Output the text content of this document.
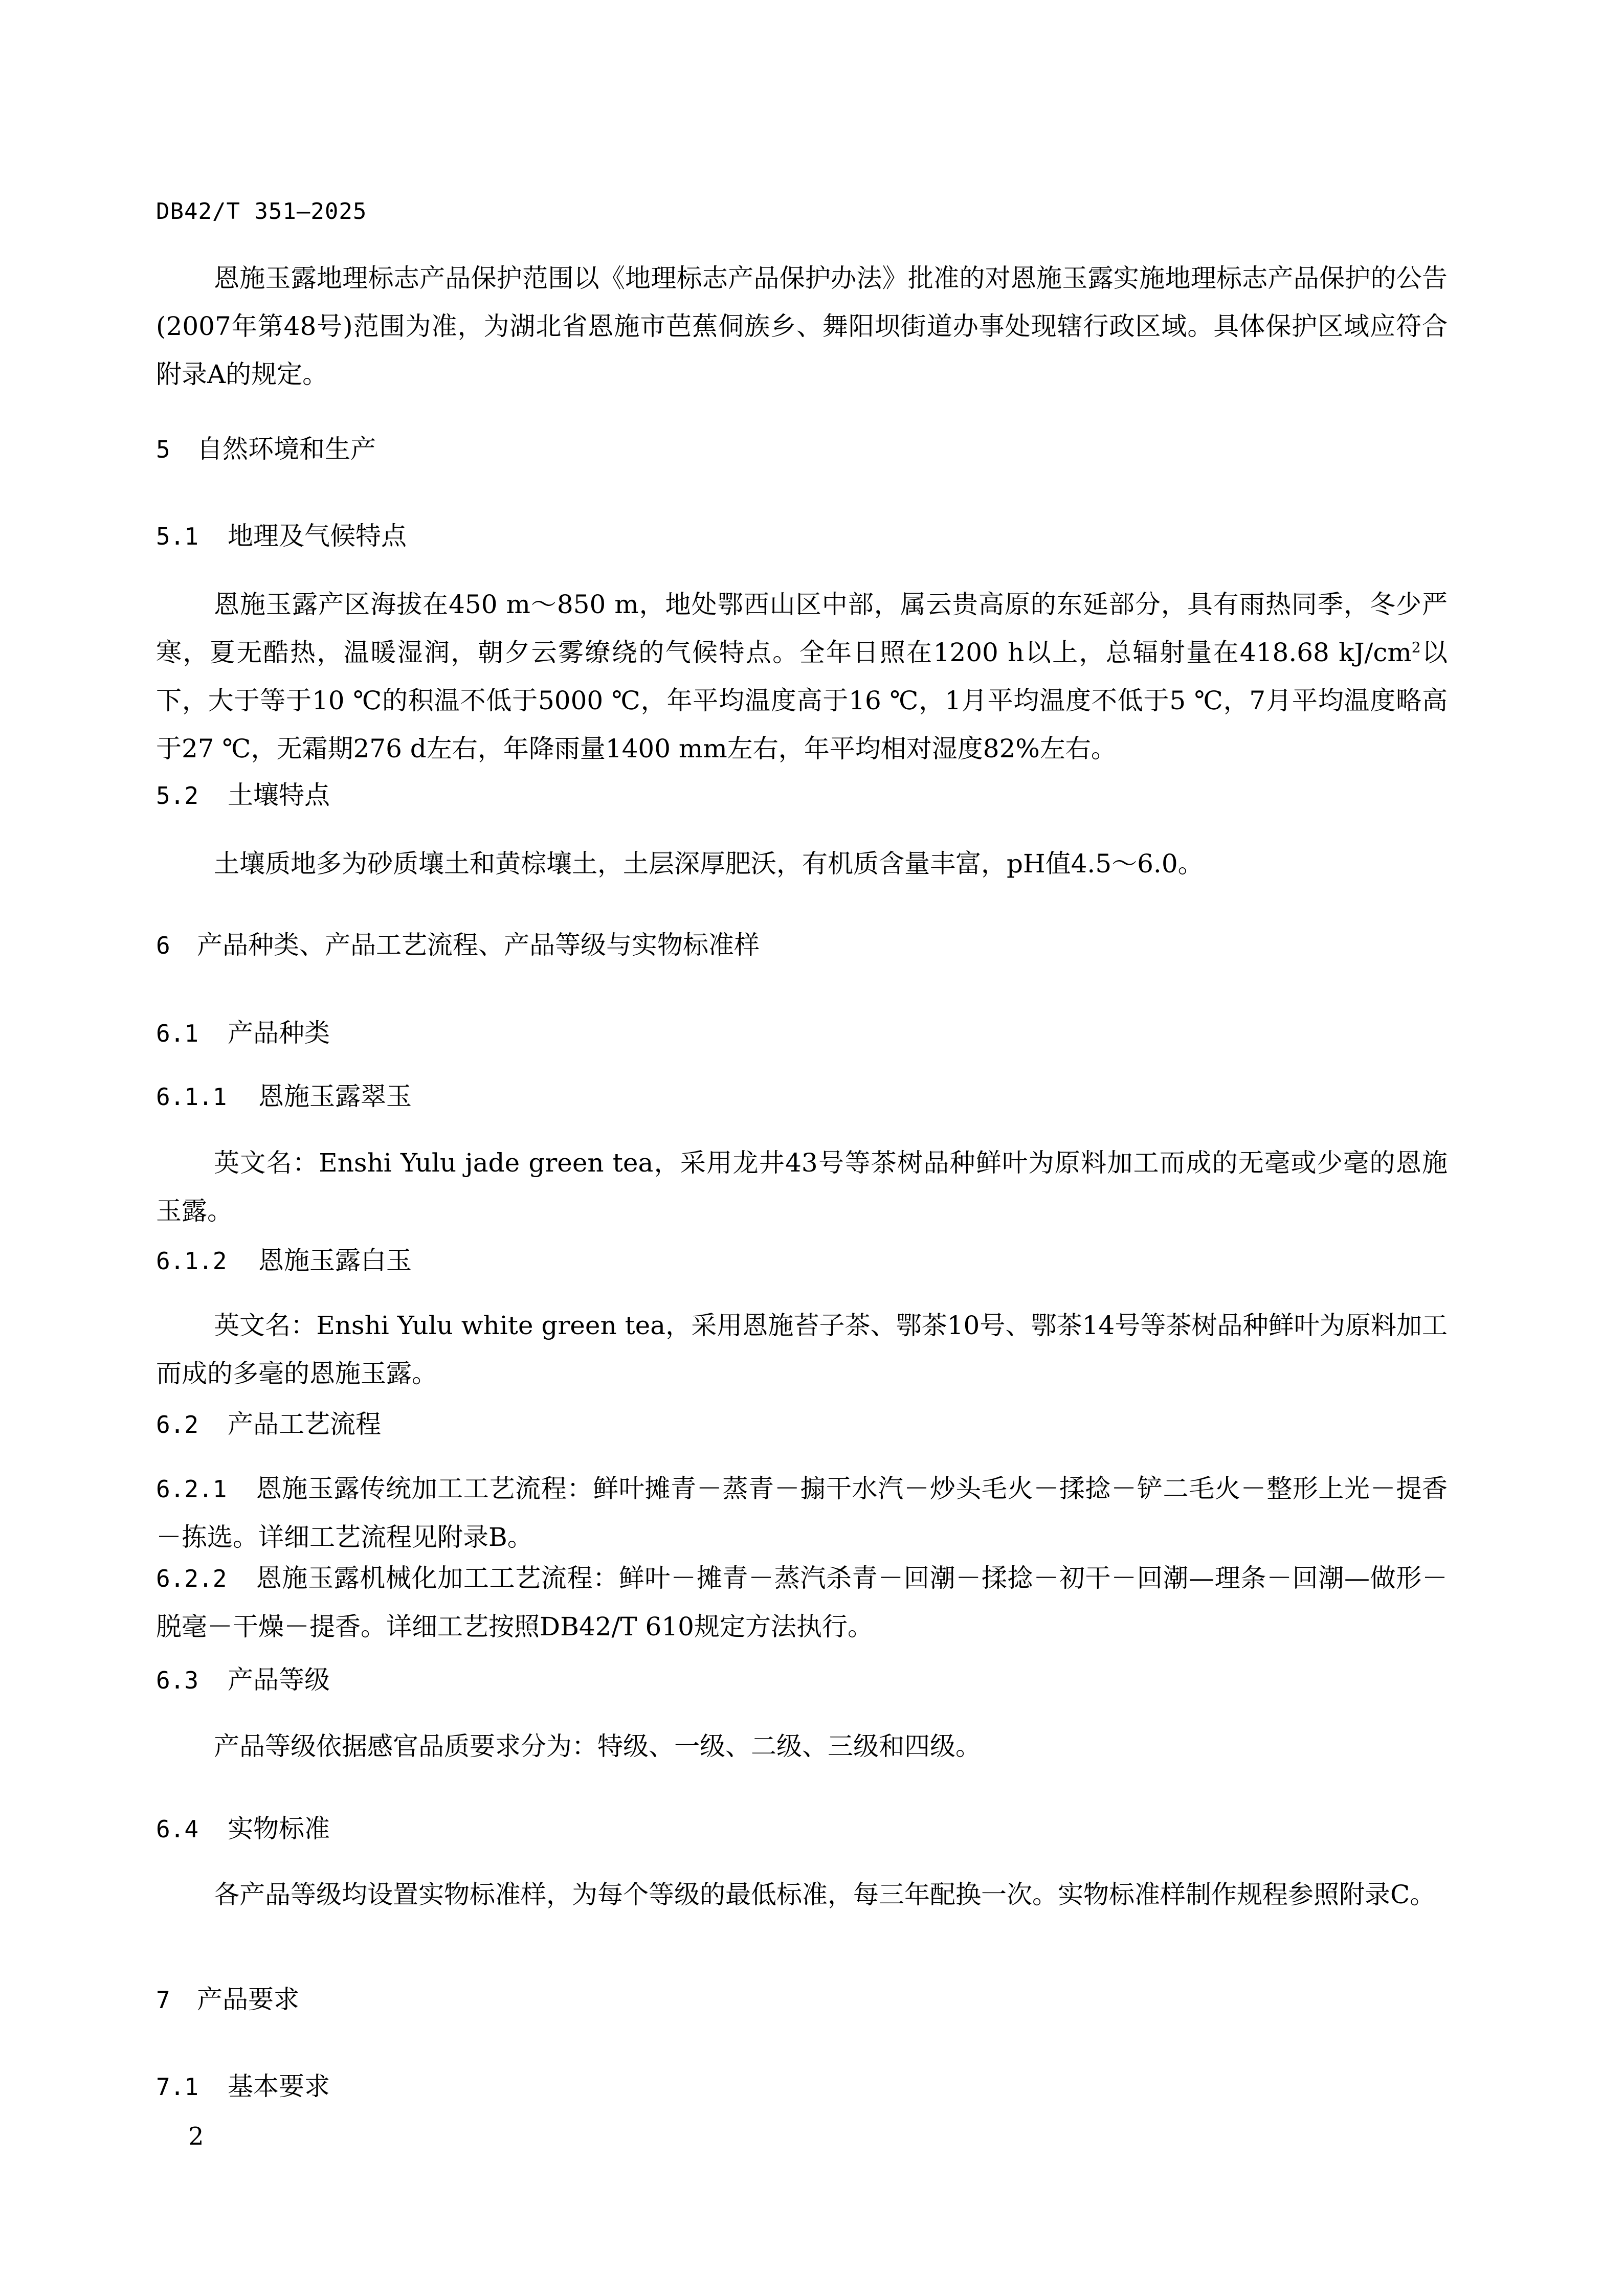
DB42/T 351—2025

恩施玉露地理标志产品保护范围以《地理标志产品保护办法》批准的对恩施玉露实施地理标志产品保护的公告(2007年第48号)范围为准，为湖北省恩施市芭蕉侗族乡、舞阳坝街道办事处现辖行政区域。具体保护区域应符合附录A的规定。

5 自然环境和生产
5.1 地理及气候特点

恩施玉露产区海拔在450 m～850 m，地处鄂西山区中部，属云贵高原的东延部分，具有雨热同季，冬少严寒，夏无酷热，温暖湿润，朝夕云雾缭绕的气候特点。全年日照在1200 h以上，总辐射量在418.68 $kJ/cm^2$以下，大于等于10 ℃的积温不低于5000 ℃，年平均温度高于16 ℃，1月平均温度不低于5 ℃，7月平均温度略高于27 ℃，无霜期276 d左右，年降雨量1400 mm左右，年平均相对湿度82%左右。

5.2 土壤特点

土壤质地多为砂质壤土和黄棕壤土，土层深厚肥沃，有机质含量丰富，pH值4.5～6.0。

6 产品种类、产品工艺流程、产品等级与实物标准样
6.1 产品种类
6.1.1 恩施玉露翠玉

英文名：Enshi Yulu jade green tea，采用龙井43号等茶树品种鲜叶为原料加工而成的无毫或少毫的恩施玉露。

6.1.2 恩施玉露白玉

英文名：Enshi Yulu white green tea，采用恩施苔子茶、鄂茶10号、鄂茶14号等茶树品种鲜叶为原料加工而成的多毫的恩施玉露。

6.2 产品工艺流程

6.2.1 恩施玉露传统加工工艺流程：鲜叶摊青－蒸青－搧干水汽－炒头毛火－揉捻－铲二毛火－整形上光－提香－拣选。详细工艺流程见附录B。

6.2.2 恩施玉露机械化加工工艺流程：鲜叶－摊青－蒸汽杀青－回潮－揉捻－初干－回潮—理条－回潮—做形－脱毫－干燥－提香。详细工艺按照DB42/T 610规定方法执行。

6.3 产品等级

产品等级依据感官品质要求分为：特级、一级、二级、三级和四级。

6.4 实物标准

各产品等级均设置实物标准样，为每个等级的最低标准，每三年配换一次。实物标准样制作规程参照附录C。

7 产品要求
7.1 基本要求
2
